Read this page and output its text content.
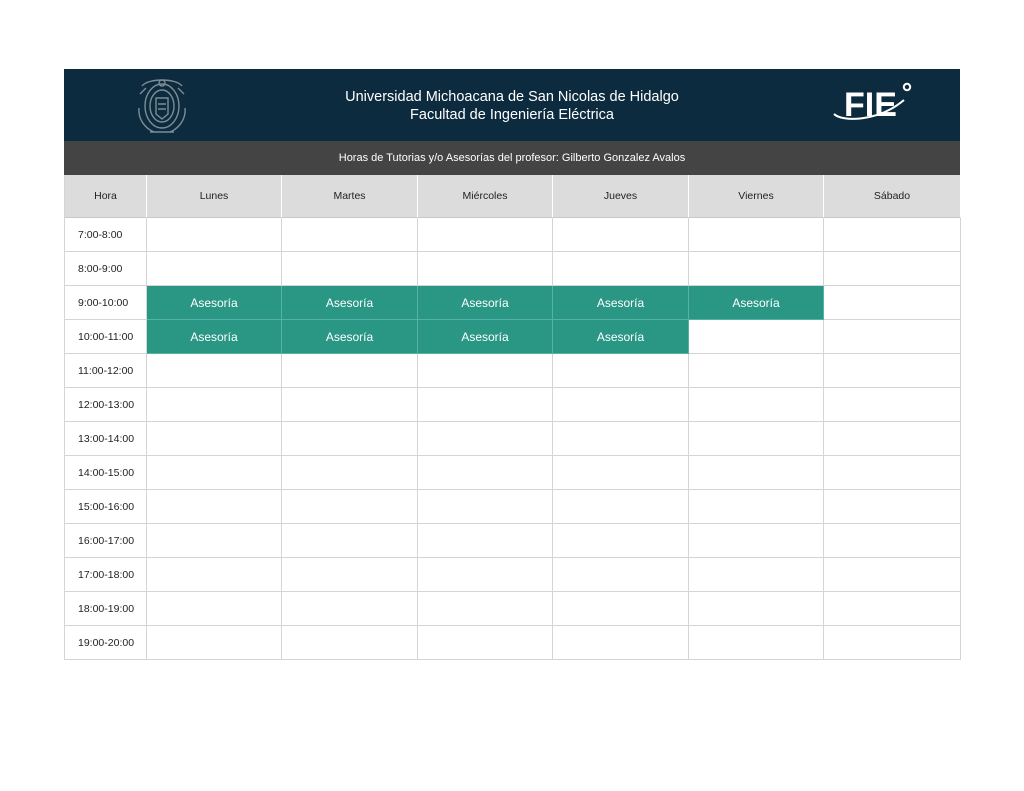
Universidad Michoacana de San Nicolas de Hidalgo
Facultad de Ingeniería Eléctrica	FIE
Horas de Tutorias y/o Asesorías del profesor: Gilberto Gonzalez Avalos
Hora	Lunes	Martes	Miércoles	Jueves	Viernes	Sábado
7:00-8:00
8:00-9:00
9:00-10:00	Asesoría	Asesoría	Asesoría	Asesoría	Asesoría
10:00-11:00	Asesoría	Asesoría	Asesoría	Asesoría
11:00-12:00
12:00-13:00
13:00-14:00
14:00-15:00
15:00-16:00
16:00-17:00
17:00-18:00
18:00-19:00
19:00-20:00
